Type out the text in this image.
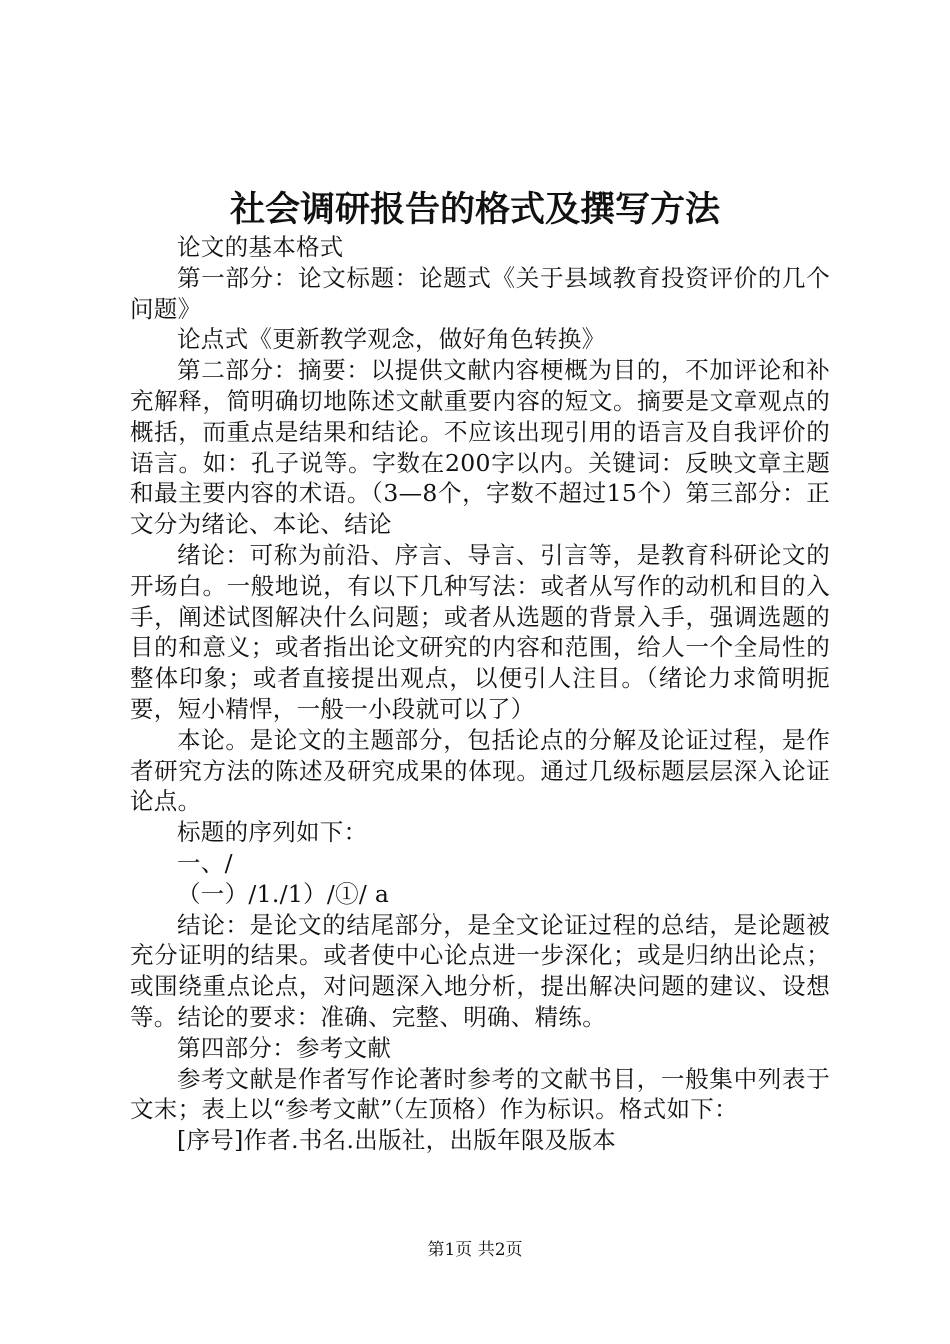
社会调研报告的格式及撰写方法

论文的基本格式

第一部分：论文标题：论题式《关于县域教育投资评价的几个问题》

论点式《更新教学观念，做好角色转换》

第二部分：摘要：以提供文献内容梗概为目的，不加评论和补充解释，简明确切地陈述文献重要内容的短文。摘要是文章观点的概括，而重点是结果和结论。不应该出现引用的语言及自我评价的语言。如：孔子说等。字数在200字以内。关键词：反映文章主题和最主要内容的术语。（3—8个，字数不超过15个）第三部分：正文分为绪论、本论、结论

绪论：可称为前沿、序言、导言、引言等，是教育科研论文的开场白。一般地说，有以下几种写法：或者从写作的动机和目的入手，阐述试图解决什么问题；或者从选题的背景入手，强调选题的目的和意义；或者指出论文研究的内容和范围，给人一个全局性的整体印象；或者直接提出观点，以便引人注目。（绪论力求简明扼要，短小精悍，一般一小段就可以了）

本论。是论文的主题部分，包括论点的分解及论证过程，是作者研究方法的陈述及研究成果的体现。通过几级标题层层深入论证论点。

标题的序列如下：

一、/

（一）/1./1）/①/ a

结论：是论文的结尾部分，是全文论证过程的总结，是论题被充分证明的结果。或者使中心论点进一步深化；或是归纳出论点；或围绕重点论点，对问题深入地分析，提出解决问题的建议、设想等。结论的要求：准确、完整、明确、精练。

第四部分：参考文献

参考文献是作者写作论著时参考的文献书目，一般集中列表于文末；表上以“参考文献”（左顶格）作为标识。格式如下：

[序号]作者.书名.出版社，出版年限及版本

第1页 共2页
